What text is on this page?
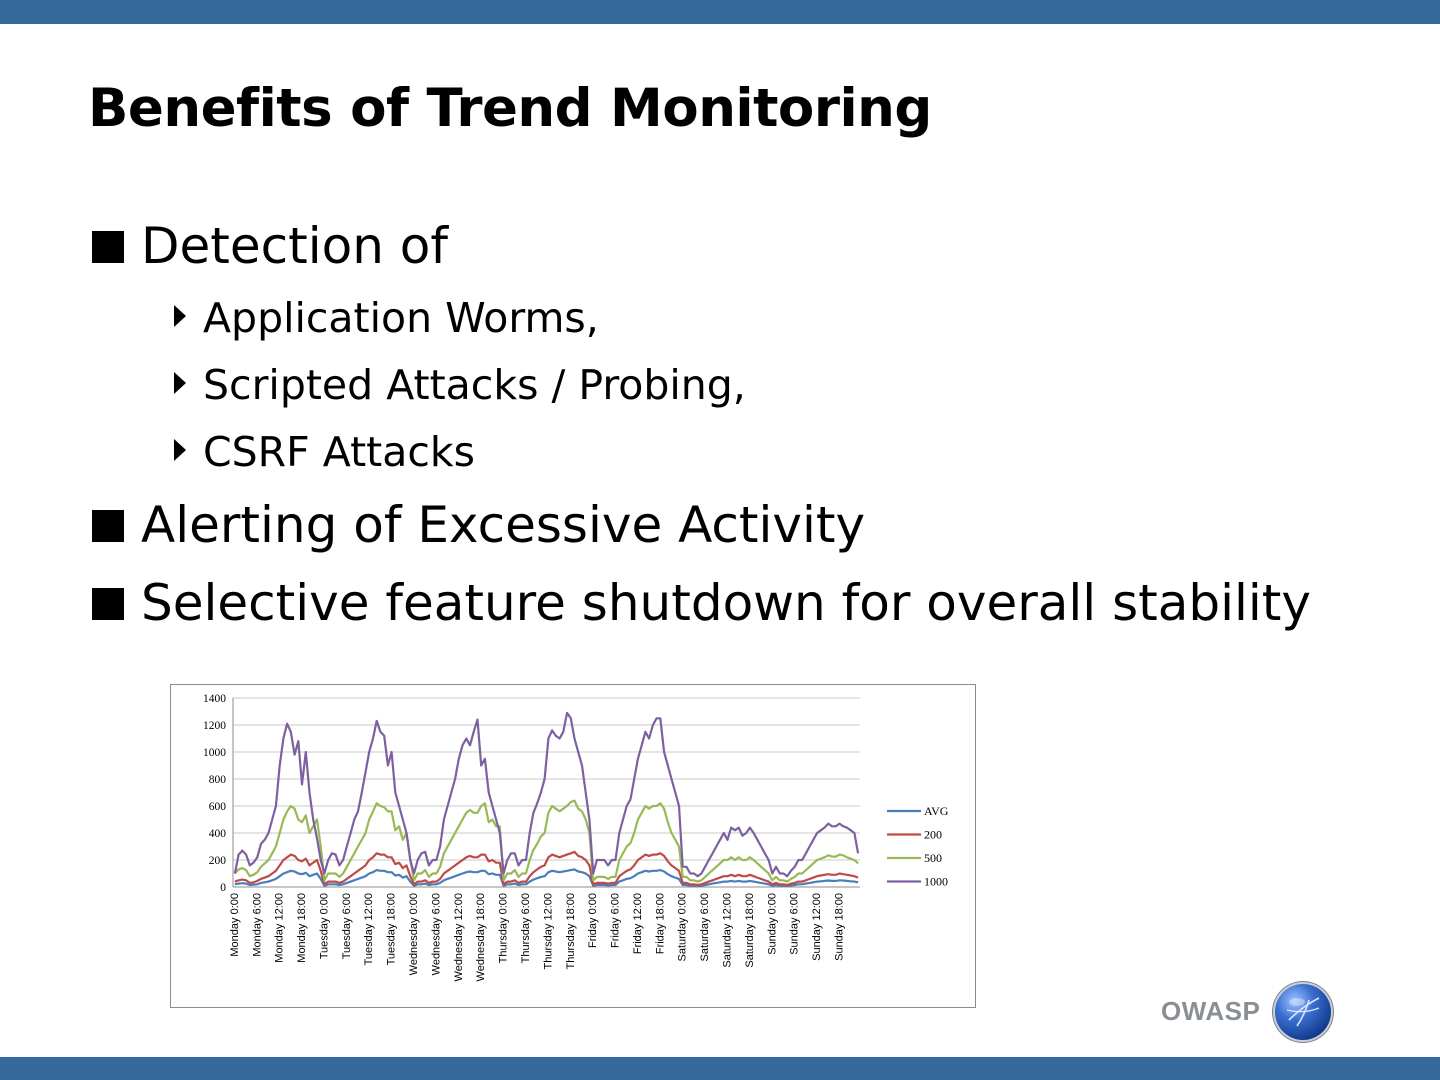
Benefits of Trend Monitoring
Detection of
Application Worms,
Scripted Attacks / Probing,
CSRF Attacks
Alerting of Excessive Activity
Selective feature shutdown for overall stability
0
200
400
600
800
1000
1200
1400
Monday 0:00 Monday 6:00 Monday 12:00 Monday 18:00 Tuesday 0:00 Tuesday 6:00 Tuesday 12:00 Tuesday 18:00 Wednesday 0:00 Wednesday 6:00 Wednesday 12:00 Wednesday 18:00 Thursday 0:00 Thursday 6:00 Thursday 12:00 Thursday 18:00 Friday 0:00 Friday 6:00 Friday 12:00 Friday 18:00 Saturday 0:00 Saturday 6:00 Saturday 12:00 Saturday 18:00 Sunday 0:00 Sunday 6:00 Sunday 12:00 Sunday 18:00
AVG
200
500
1000
OWASP
